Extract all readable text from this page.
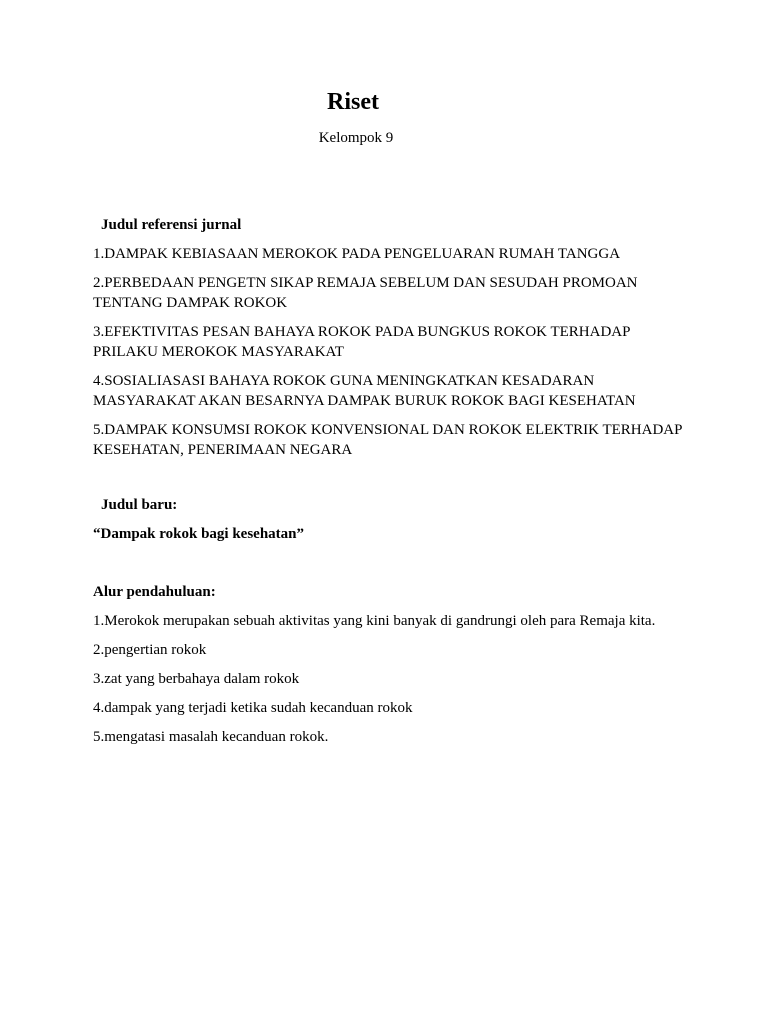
Riset
Kelompok 9

Judul referensi jurnal

1.DAMPAK KEBIASAAN MEROKOK PADA PENGELUARAN RUMAH TANGGA

2.PERBEDAAN PENGETN SIKAP REMAJA SEBELUM DAN SESUDAH PROMOAN TENTANG DAMPAK ROKOK

3.EFEKTIVITAS PESAN BAHAYA ROKOK PADA BUNGKUS ROKOK TERHADAP PRILAKU MEROKOK MASYARAKAT

4.SOSIALIASASI BAHAYA ROKOK GUNA MENINGKATKAN KESADARAN MASYARAKAT AKAN BESARNYA DAMPAK BURUK ROKOK BAGI KESEHATAN

5.DAMPAK KONSUMSI ROKOK KONVENSIONAL DAN ROKOK ELEKTRIK TERHADAP KESEHATAN, PENERIMAAN NEGARA

Judul baru:

“Dampak rokok bagi kesehatan”

Alur pendahuluan:

1.Merokok merupakan sebuah aktivitas yang kini banyak di gandrungi oleh para Remaja kita.

2.pengertian rokok

3.zat yang berbahaya dalam rokok

4.dampak yang terjadi ketika sudah kecanduan rokok

5.mengatasi masalah kecanduan rokok.
